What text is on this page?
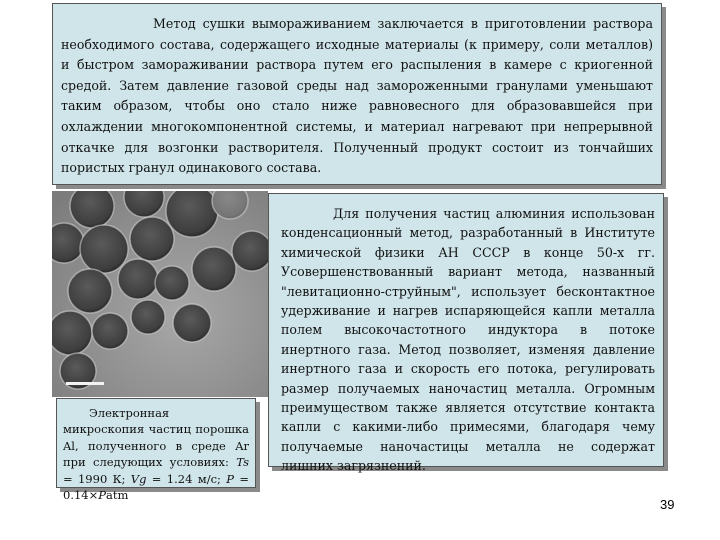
Метод сушки вымораживанием заключается в приготовлении раствора необходимого состава, содержащего исходные материалы (к примеру, соли металлов) и быстром замораживании раствора путем его распыления в камере с криогенной средой. Затем давление газовой среды над замороженными гранулами уменьшают таким образом, чтобы оно стало ниже равновесного для образовавшейся при охлаждении многокомпонентной системы, и материал нагревают при непрерывной откачке для возгонки растворителя. Полученный продукт состоит из тончайших пористых гранул одинакового состава.

Электронная микроскопия частиц порошка Al, полученного в среде Ar при следующих условиях: Ts = 1990 К; Vg = 1.24 м/с; P = 0.14×Patm

Для получения частиц алюминия использован конденсационный метод, разработанный в Институте химической физики АН СССР в конце 50-х гг. Усовершенствованный вариант метода, названный "левитационно-струйным", использует бесконтактное удерживание и нагрев испаряющейся капли металла полем высокочастотного индуктора в потоке инертного газа. Метод позволяет, изменяя давление инертного газа и скорость его потока, регулировать размер получаемых наночастиц металла. Огромным преимуществом также является отсутствие контакта капли с какими-либо примесями, благодаря чему получаемые наночастицы металла не содержат лишних загрязнений.

39
